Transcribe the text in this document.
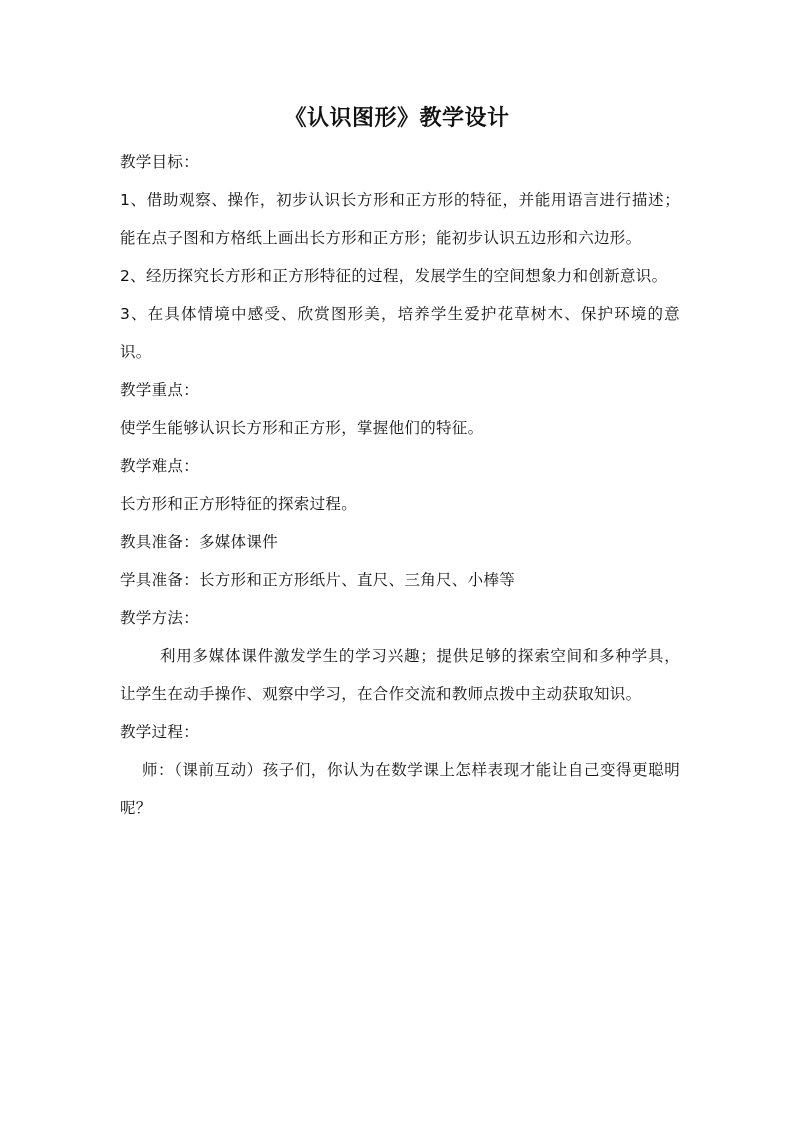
《认识图形》教学设计

教学目标：

1、借助观察、操作，初步认识长方形和正方形的特征，并能用语言进行描述；能在点子图和方格纸上画出长方形和正方形；能初步认识五边形和六边形。

2、经历探究长方形和正方形特征的过程，发展学生的空间想象力和创新意识。

3、在具体情境中感受、欣赏图形美，培养学生爱护花草树木、保护环境的意识。

教学重点：

使学生能够认识长方形和正方形，掌握他们的特征。

教学难点：

长方形和正方形特征的探索过程。

教具准备：多媒体课件

学具准备：长方形和正方形纸片、直尺、三角尺、小棒等

教学方法：

利用多媒体课件激发学生的学习兴趣；提供足够的探索空间和多种学具，让学生在动手操作、观察中学习，在合作交流和教师点拨中主动获取知识。

教学过程：

师：（课前互动）孩子们，你认为在数学课上怎样表现才能让自己变得更聪明呢？
